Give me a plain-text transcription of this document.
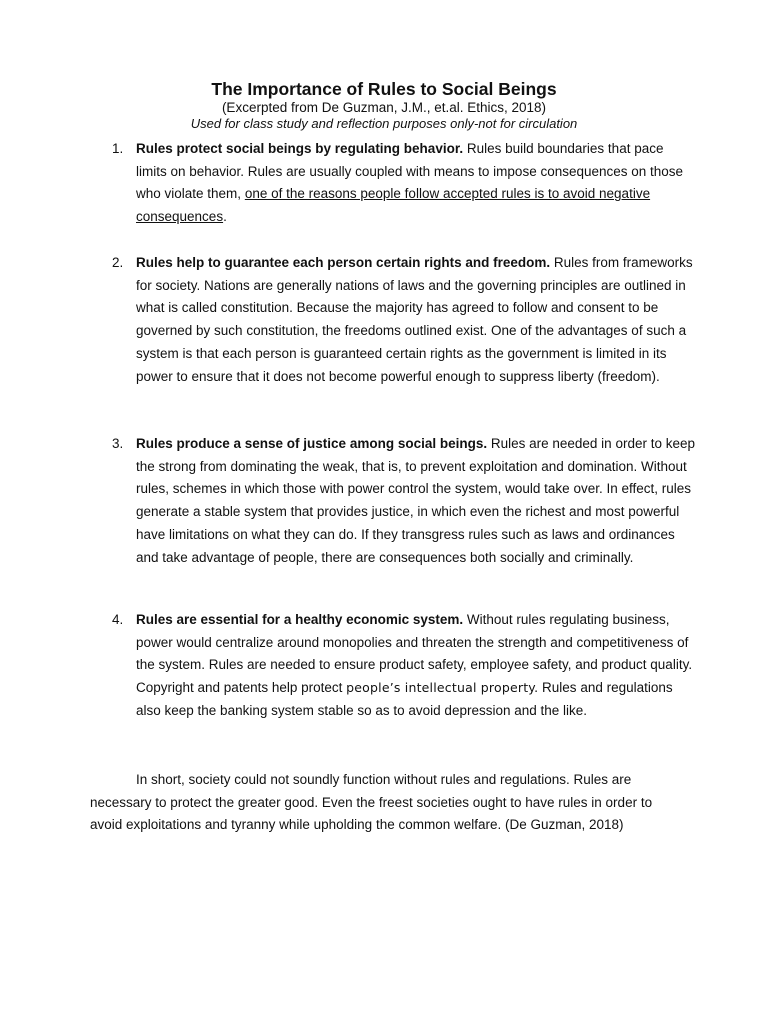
The Importance of Rules to Social Beings

(Excerpted from De Guzman, J.M., et.al. Ethics, 2018)

Used for class study and reflection purposes only-not for circulation

1. Rules protect social beings by regulating behavior. Rules build boundaries that pace limits on behavior. Rules are usually coupled with means to impose consequences on those who violate them, one of the reasons people follow accepted rules is to avoid negative consequences.
2. Rules help to guarantee each person certain rights and freedom. Rules from frameworks for society. Nations are generally nations of laws and the governing principles are outlined in what is called constitution. Because the majority has agreed to follow and consent to be governed by such constitution, the freedoms outlined exist. One of the advantages of such a system is that each person is guaranteed certain rights as the government is limited in its power to ensure that it does not become powerful enough to suppress liberty (freedom).
3. Rules produce a sense of justice among social beings. Rules are needed in order to keep the strong from dominating the weak, that is, to prevent exploitation and domination. Without rules, schemes in which those with power control the system, would take over. In effect, rules generate a stable system that provides justice, in which even the richest and most powerful have limitations on what they can do. If they transgress rules such as laws and ordinances and take advantage of people, there are consequences both socially and criminally.
4. Rules are essential for a healthy economic system. Without rules regulating business, power would centralize around monopolies and threaten the strength and competitiveness of the system. Rules are needed to ensure product safety, employee safety, and product quality. Copyright and patents help protect people’s intellectual property. Rules and regulations also keep the banking system stable so as to avoid depression and the like.

In short, society could not soundly function without rules and regulations. Rules are necessary to protect the greater good. Even the freest societies ought to have rules in order to avoid exploitations and tyranny while upholding the common welfare. (De Guzman, 2018)
